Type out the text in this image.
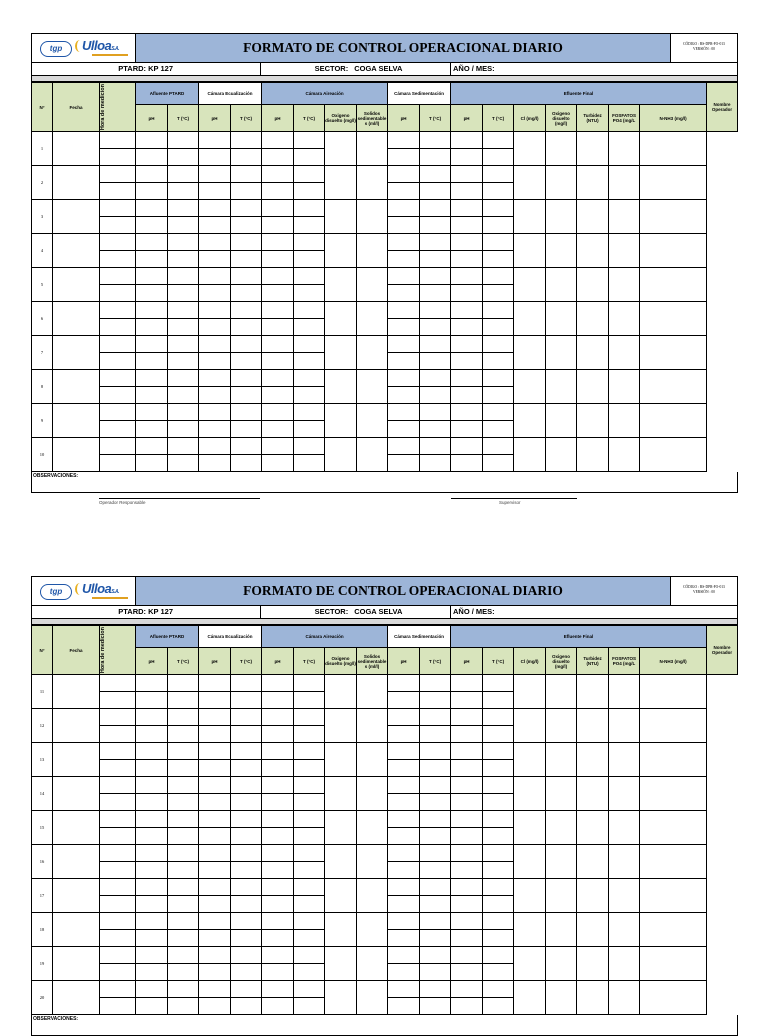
tgp	UlloaS.A.	FORMATO DE CONTROL OPERACIONAL DIARIO	CÓDIGO : RS-DPR-FO-013
VERSIÓN : 00
PTARD: KP 127	SECTOR: COGA SELVA	AÑO / MES:
N°	Fecha	Hora de medicion	Afluente PTARD		Cámara Ecualización		Cámara Aireación				Cámara Sedimentación		Efluente Final							Nombre Operador
			pH	T (°C)	pH	T (°C)	pH	T (°C)	Oxigeno disuelto (mg/l)	Solidos sedimentable s (ml/l)	pH	T (°C)	pH	T (°C)	Cl (mg/l)	Oxigeno disuelto (mg/l)	Turbidez (NTU)	FOSFATOS PO4 (mg/L	N-NH3 (mg/l)	
1																				

2																				

3																				

4																				

5																				

6																				

7																				

8																				

9																				

10																				

OBSERVACIONES:
Operador Responsable	Supervisor
tgp	UlloaS.A.	FORMATO DE CONTROL OPERACIONAL DIARIO	CÓDIGO : RS-DPR-FO-013
VERSIÓN : 00
PTARD: KP 127	SECTOR: COGA SELVA	AÑO / MES:
N°	Fecha	Hora de medicion	Afluente PTARD		Cámara Ecualización		Cámara Aireación				Cámara Sedimentación		Efluente Final							Nombre Operador
			pH	T (°C)	pH	T (°C)	pH	T (°C)	Oxigeno disuelto (mg/l)	Solidos sedimentable s (ml/l)	pH	T (°C)	pH	T (°C)	Cl (mg/l)	Oxigeno disuelto (mg/l)	Turbidez (NTU)	FOSFATOS PO4 (mg/L	N-NH3 (mg/l)	
11																				

12																				

13																				

14																				

15																				

16																				

17																				

18																				

19																				

20																				

OBSERVACIONES:
